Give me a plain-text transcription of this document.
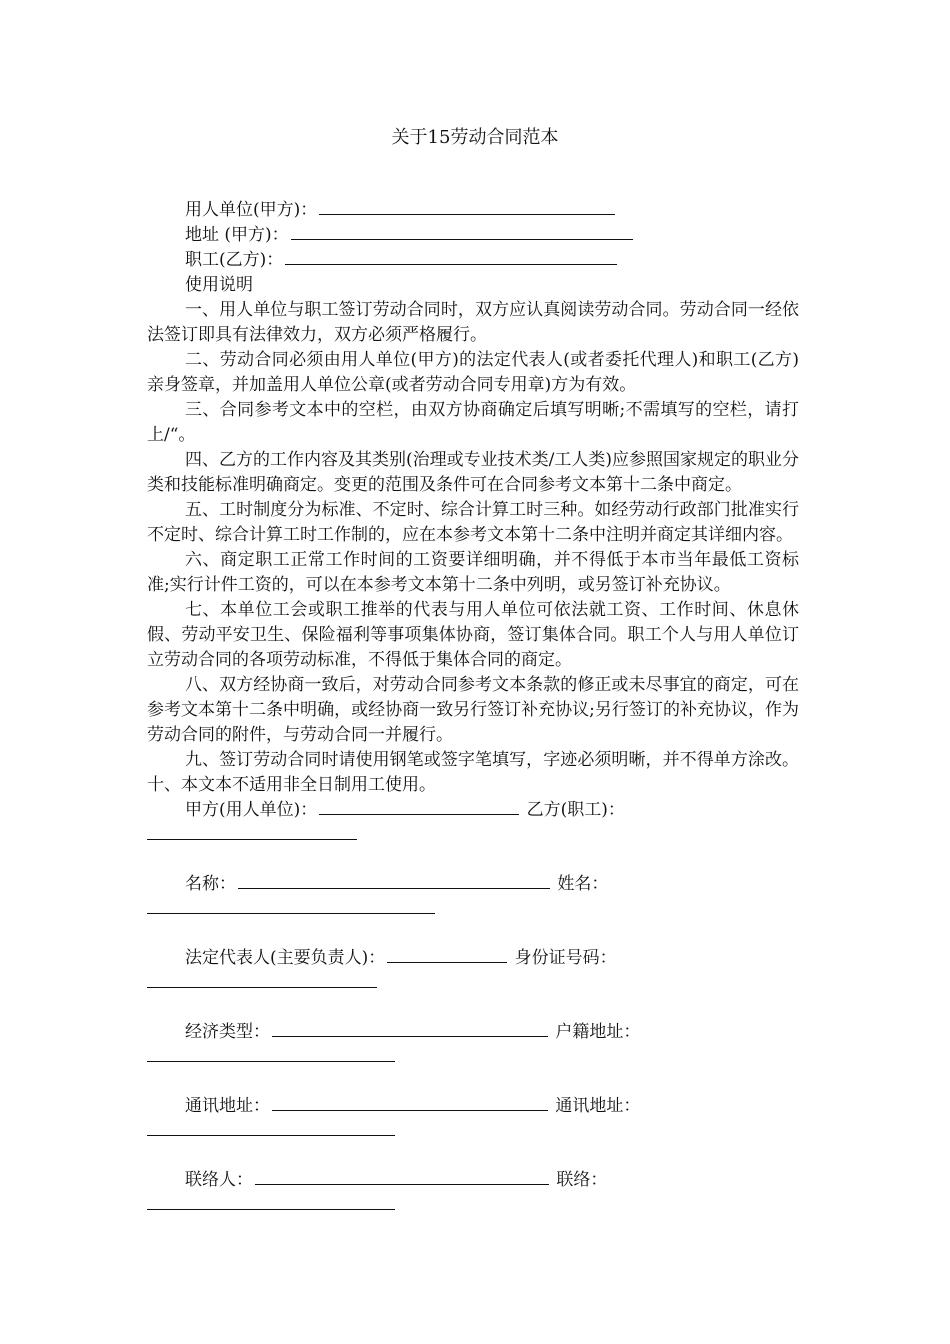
关于15劳动合同范本
用人单位(甲方)：
地址 (甲方)：
职工(乙方)：
使用说明

一、用人单位与职工签订劳动合同时，双方应认真阅读劳动合同。劳动合同一经依法签订即具有法律效力，双方必须严格履行。

二、劳动合同必须由用人单位(甲方)的法定代表人(或者委托代理人)和职工(乙方)亲身签章，并加盖用人单位公章(或者劳动合同专用章)方为有效。

三、合同参考文本中的空栏，由双方协商确定后填写明晰;不需填写的空栏，请打上/“。

四、乙方的工作内容及其类别(治理或专业技术类/工人类)应参照国家规定的职业分类和技能标准明确商定。变更的范围及条件可在合同参考文本第十二条中商定。

五、工时制度分为标准、不定时、综合计算工时三种。如经劳动行政部门批准实行不定时、综合计算工时工作制的，应在本参考文本第十二条中注明并商定其详细内容。

六、商定职工正常工作时间的工资要详细明确，并不得低于本市当年最低工资标准;实行计件工资的，可以在本参考文本第十二条中列明，或另签订补充协议。

七、本单位工会或职工推举的代表与用人单位可依法就工资、工作时间、休息休假、劳动平安卫生、保险福利等事项集体协商，签订集体合同。职工个人与用人单位订立劳动合同的各项劳动标准，不得低于集体合同的商定。

八、双方经协商一致后，对劳动合同参考文本条款的修正或未尽事宜的商定，可在参考文本第十二条中明确，或经协商一致另行签订补充协议;另行签订的补充协议，作为劳动合同的附件，与劳动合同一并履行。

九、签订劳动合同时请使用钢笔或签字笔填写，字迹必须明晰，并不得单方涂改。十、本文本不适用非全日制用工使用。

甲方(用人单位)：	乙方(职工)：
名称：	姓名：
法定代表人(主要负责人)：	身份证号码：
经济类型：	户籍地址：
通讯地址：	通讯地址：
联络人：	联络：
